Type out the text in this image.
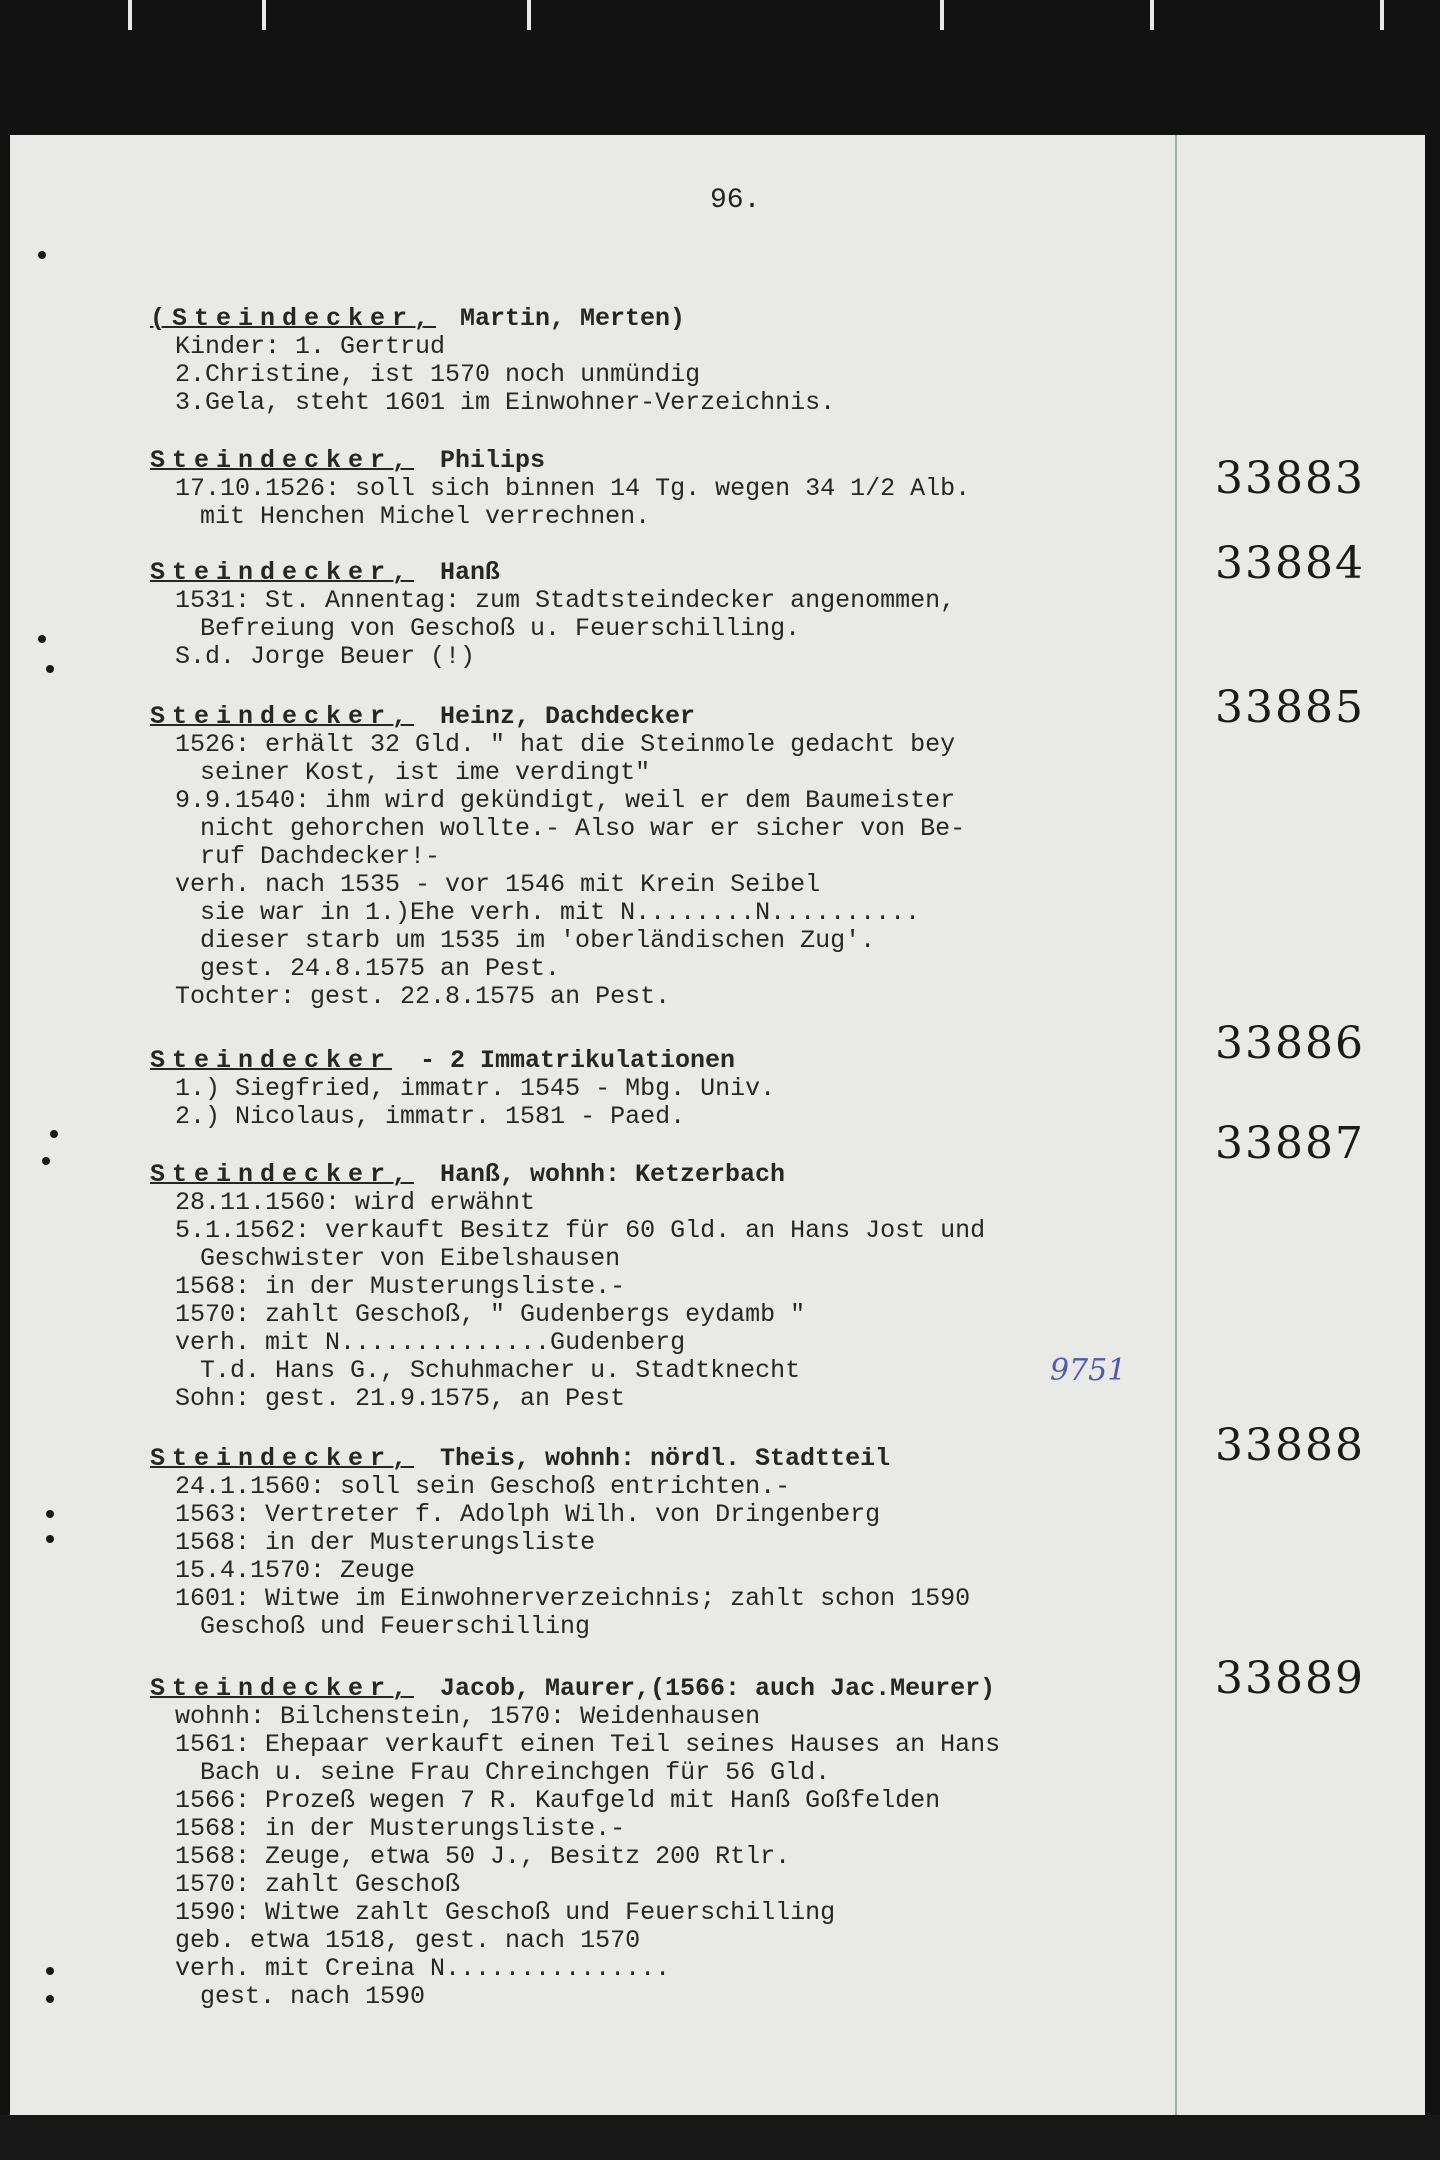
96.
(Steindecker, Martin, Merten)
Kinder: 1. Gertrud
2.Christine, ist 1570 noch unmündig
3.Gela, steht 1601 im Einwohner-Verzeichnis.
Steindecker, Philips
17.10.1526: soll sich binnen 14 Tg. wegen 34 1/2 Alb.
mit Henchen Michel verrechnen.
33883
Steindecker, Hanß
1531: St. Annentag: zum Stadtsteindecker angenommen,
Befreiung von Geschoß u. Feuerschilling.
S.d. Jorge Beuer (!)
33884
Steindecker, Heinz, Dachdecker
1526: erhält 32 Gld. " hat die Steinmole gedacht bey
seiner Kost, ist ime verdingt"
9.9.1540: ihm wird gekündigt, weil er dem Baumeister
nicht gehorchen wollte.- Also war er sicher von Be-
ruf Dachdecker!-
verh. nach 1535 - vor 1546 mit Krein Seibel
sie war in 1.)Ehe verh. mit N........N..........
dieser starb um 1535 im 'oberländischen Zug'.
gest. 24.8.1575 an Pest.
Tochter: gest. 22.8.1575 an Pest.
33885
Steindecker - 2 Immatrikulationen
1.) Siegfried, immatr. 1545 - Mbg. Univ.
2.) Nicolaus, immatr. 1581 - Paed.
33886
Steindecker, Hanß, wohnh: Ketzerbach
28.11.1560: wird erwähnt
5.1.1562: verkauft Besitz für 60 Gld. an Hans Jost und
Geschwister von Eibelshausen
1568: in der Musterungsliste.-
1570: zahlt Geschoß, " Gudenbergs eydamb "
verh. mit N..............Gudenberg
T.d. Hans G., Schuhmacher u. Stadtknecht
Sohn: gest. 21.9.1575, an Pest
33887
Steindecker, Theis, wohnh: nördl. Stadtteil
24.1.1560: soll sein Geschoß entrichten.-
1563: Vertreter f. Adolph Wilh. von Dringenberg
1568: in der Musterungsliste
15.4.1570: Zeuge
1601: Witwe im Einwohnerverzeichnis; zahlt schon 1590
Geschoß und Feuerschilling
33888
Steindecker, Jacob, Maurer,(1566: auch Jac.Meurer)
wohnh: Bilchenstein, 1570: Weidenhausen
1561: Ehepaar verkauft einen Teil seines Hauses an Hans
Bach u. seine Frau Chreinchgen für 56 Gld.
1566: Prozeß wegen 7 R. Kaufgeld mit Hanß Goßfelden
1568: in der Musterungsliste.-
1568: Zeuge, etwa 50 J., Besitz 200 Rtlr.
1570: zahlt Geschoß
1590: Witwe zahlt Geschoß und Feuerschilling
geb. etwa 1518, gest. nach 1570
verh. mit Creina N...............
gest. nach 1590
33889
9751
